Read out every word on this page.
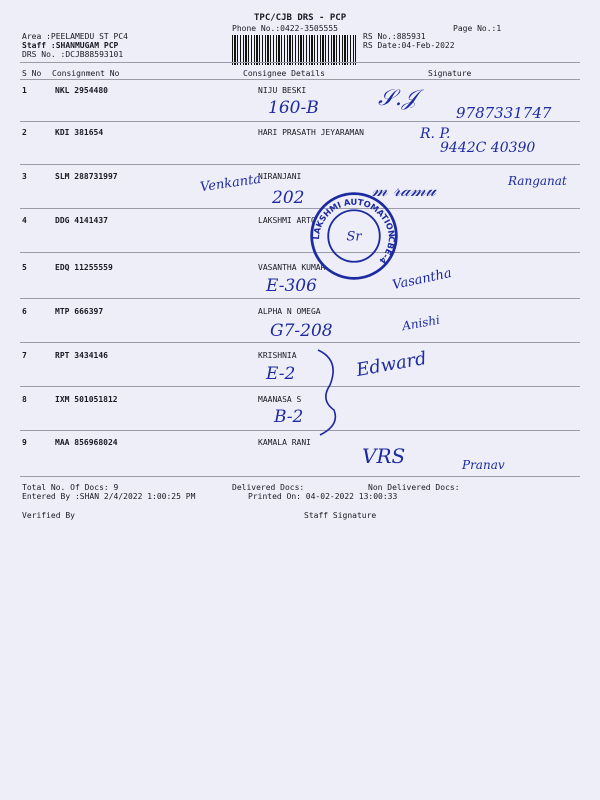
TPC/CJB DRS - PCP
Phone No.:0422-3505555	Page No.:1
Area :PEELAMEDU ST PC4
Staff :SHANMUGAM PCP
DRS No. :DCJB88593101
RS No.:885931
RS Date:04-Feb-2022
S No Consignment No	Consignee Details	Signature
1	NKL 2954480	NIJU BESKI
2	KDI 381654	HARI PRASATH JEYARAMAN
3	SLM 288731997	NIRANJANI
4	DDG 4141437	LAKSHMI ARTO
5	EDQ 11255559	VASANTHA KUMAR
6	MTP 666397	ALPHA N OMEGA
7	RPT 3434146	KRISHNIA
8	IXM 501051812	MAANASA S
9	MAA 856968024	KAMALA RANI
160-B	𝒮.𝒥
9787331747
R. P.
9442C 40390
Venkanta
202
Ranganat
𝓂 𝓇𝒶𝓂𝓊
E-306	Vasantha
G7-208	Anishi
E-2	Edward
B-2
VRS	Pranav
LAKSHMI AUTOMATION
CBE-4
Sr
Total No. Of Docs: 9	Delivered Docs:	Non Delivered Docs:
Entered By :SHAN 2/4/2022 1:00:25 PM	Printed On: 04-02-2022 13:00:33
Verified By	Staff Signature
